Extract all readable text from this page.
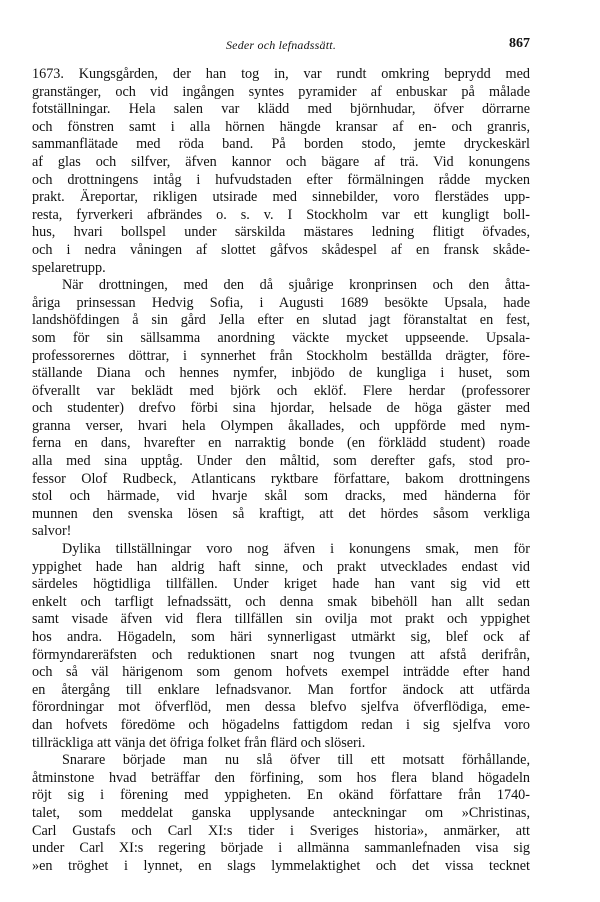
Seder och lefnadssätt.	867
1673. Kungsgården, der han tog in, var rundt omkring beprydd med
granstänger, och vid ingången syntes pyramider af enbuskar på målade
fotställningar. Hela salen var klädd med björnhudar, öfver dörrarne
och fönstren samt i alla hörnen hängde kransar af en- och granris,
sammanflätade med röda band. På borden stodo, jemte dryckeskärl
af glas och silfver, äfven kannor och bägare af trä. Vid konungens
och drottningens intåg i hufvudstaden efter förmälningen rådde mycken
prakt. Äreportar, rikligen utsirade med sinnebilder, voro flerstädes upp-
resta, fyrverkeri afbrändes o. s. v. I Stockholm var ett kungligt boll-
hus, hvari bollspel under särskilda mästares ledning flitigt öfvades,
och i nedra våningen af slottet gåfvos skådespel af en fransk skåde-
spelaretrupp.
När drottningen, med den då sjuårige kronprinsen och den åtta-
åriga prinsessan Hedvig Sofia, i Augusti 1689 besökte Upsala, hade
landshöfdingen å sin gård Jella efter en slutad jagt föranstaltat en fest,
som för sin sällsamma anordning väckte mycket uppseende. Upsala-
professorernes döttrar, i synnerhet från Stockholm beställda drägter, före-
ställande Diana och hennes nymfer, inbjödo de kungliga i huset, som
öfverallt var beklädt med björk och eklöf. Flere herdar (professorer
och studenter) drefvo förbi sina hjordar, helsade de höga gäster med
granna verser, hvari hela Olympen åkallades, och uppförde med nym-
ferna en dans, hvarefter en narraktig bonde (en förklädd student) roade
alla med sina upptåg. Under den måltid, som derefter gafs, stod pro-
fessor Olof Rudbeck, Atlanticans ryktbare författare, bakom drottningens
stol och härmade, vid hvarje skål som dracks, med händerna för
munnen den svenska lösen så kraftigt, att det hördes såsom verkliga
salvor!
Dylika tillställningar voro nog äfven i konungens smak, men för
yppighet hade han aldrig haft sinne, och prakt utvecklades endast vid
särdeles högtidliga tillfällen. Under kriget hade han vant sig vid ett
enkelt och tarfligt lefnadssätt, och denna smak bibehöll han allt sedan
samt visade äfven vid flera tillfällen sin ovilja mot prakt och yppighet
hos andra. Högadeln, som häri synnerligast utmärkt sig, blef ock af
förmyndareräfsten och reduktionen snart nog tvungen att afstå derifrån,
och så väl härigenom som genom hofvets exempel inträdde efter hand
en återgång till enklare lefnadsvanor. Man fortfor ändock att utfärda
förordningar mot öfverflöd, men dessa blefvo sjelfva öfverflödiga, eme-
dan hofvets föredöme och högadelns fattigdom redan i sig sjelfva voro
tillräckliga att vänja det öfriga folket från flärd och slöseri.
Snarare började man nu slå öfver till ett motsatt förhållande,
åtminstone hvad beträffar den förfining, som hos flera bland högadeln
röjt sig i förening med yppigheten. En okänd författare från 1740-
talet, som meddelat ganska upplysande anteckningar om »Christinas,
Carl Gustafs och Carl XI:s tider i Sveriges historia», anmärker, att
under Carl XI:s regering började i allmänna sammanlefnaden visa sig
»en tröghet i lynnet, en slags lymmelaktighet och det vissa tecknet
